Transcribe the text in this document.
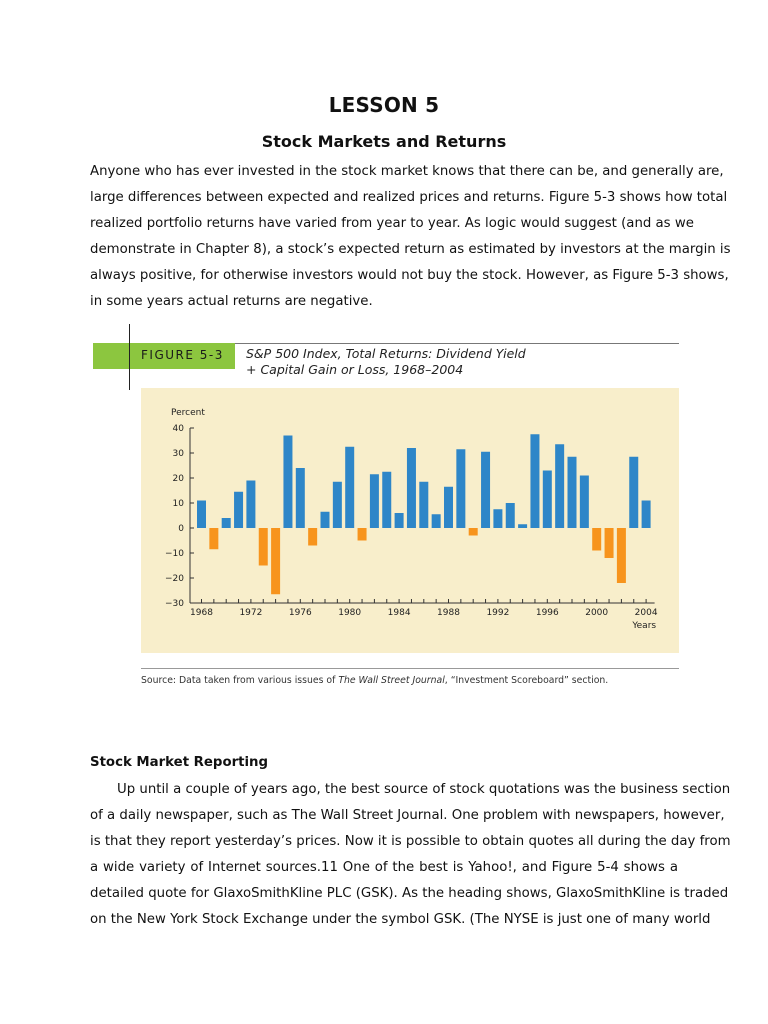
LESSON 5
Stock Markets and Returns
Anyone who has ever invested in the stock market knows that there can be, and generally are,
large differences between expected and realized prices and returns. Figure 5-3 shows how total
realized portfolio returns have varied from year to year. As logic would suggest (and as we
demonstrate in Chapter 8), a stock’s expected return as estimated by investors at the margin is
always positive, for otherwise investors would not buy the stock. However, as Figure 5-3 shows,
in some years actual returns are negative.
FIGURE 5-3 S&P 500 Index, Total Returns: Dividend Yield
+ Capital Gain or Loss, 1968–2004
Percent
40
30
20
10
0
−10
−20
−30
1968	1972	1976	1980	1984	1988	1992	1996	2000	2004
Years
Source: Data taken from various issues of The Wall Street Journal, “Investment Scoreboard” section.
Stock Market Reporting
Up until a couple of years ago, the best source of stock quotations was the business section
of a daily newspaper, such as The Wall Street Journal. One problem with newspapers, however,
is that they report yesterday’s prices. Now it is possible to obtain quotes all during the day from
a wide variety of Internet sources.11 One of the best is Yahoo!, and Figure 5-4 shows a
detailed quote for GlaxoSmithKline PLC (GSK). As the heading shows, GlaxoSmithKline is traded
on the New York Stock Exchange under the symbol GSK. (The NYSE is just one of many world
